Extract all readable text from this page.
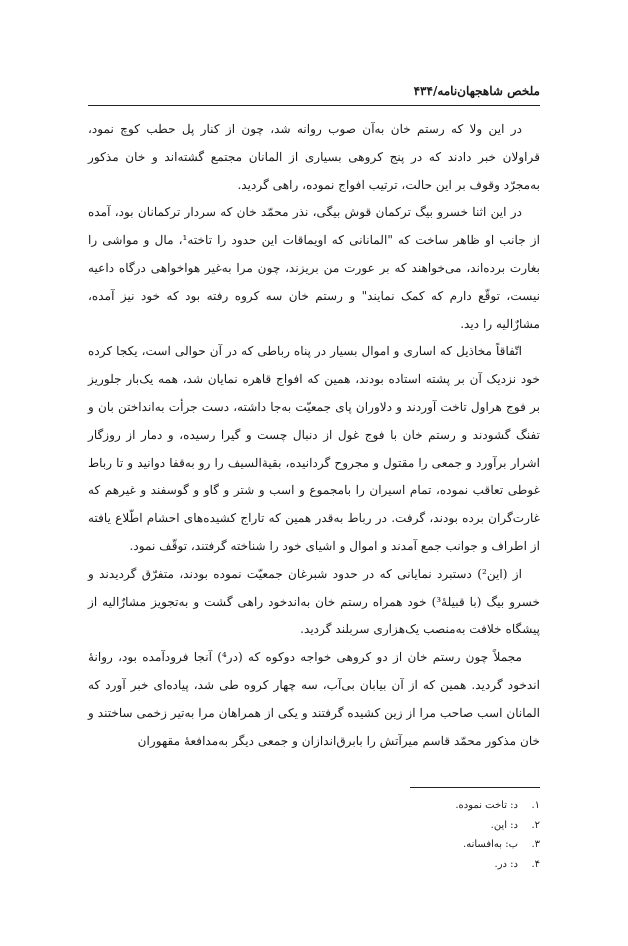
ملخص شاهجهان‌نامه/۴۳۴

در این ولا که رستم خان به‌آن صوب روانه شد، چون از کنار پل حطب کوچ نمود، قراولان خبر دادند که در پنج کروهی بسیاری از المانان مجتمع گشته‌اند و خان مذکور به‌مجرّد وقوف بر این حالت، ترتیب افواج نموده، راهی گردید.

در این اثنا خسرو بیگ ترکمان قوش بیگی، نذر محمّد خان که سردار ترکمانان بود، آمده از جانب او ظاهر ساخت که "المانانی که اویماقات این حدود را تاخته¹، مال و مواشی را بغارت برده‌اند، می‌خواهند که بر عورت من بریزند، چون مرا به‌غیر هواخواهی درگاه داعیه نیست، توقّع دارم که کمک نمایند" و رستم خان سه کروه رفته بود که خود نیز آمده، مشارٌالیه را دید.

اتّفاقاً مخاذیل که اساری و اموال بسیار در پناه رباطی که در آن حوالی است، یکجا کرده خود نزدیک آن بر پشته استاده بودند، همین که افواج قاهره نمایان شد، همه یک‌بار جلوریز بر فوج هراول تاخت آوردند و دلاوران پای جمعیّت به‌جا داشته، دست جرأت به‌انداختن بان و تفنگ گشودند و رستم خان با فوج غول از دنبال چست و گیرا رسیده، و دمار از روزگار اشرار برآورد و جمعی را مقتول و مجروح گردانیده، بقیةالسیف را رو به‌قفا دوانید و تا رباط غوطی تعاقب نموده، تمام اسیران را با‌مجموع و اسب و شتر و گاو و گوسفند و غیرهم که غارت‌گران برده بودند، گرفت. در رباط به‌قدر همین که تاراج کشیده‌های احشام اطّلاع یافته از اطراف و جوانب جمع آمدند و اموال و اشیای خود را شناخته گرفتند، توقّف نمود.

از (این²) دستبرد نمایانی که در حدود شبرغان جمعیّت نموده بودند، متفرّق گردیدند و خسرو بیگ (با قبیلهٔ³) خود همراه رستم خان به‌اندخود راهی گشت و به‌تجویز مشارٌالیه از پیشگاه خلافت به‌منصب یک‌هزاری سربلند گردید.

مجملاً چون رستم خان از دو کروهی خواجه دوکوه که (در⁴) آنجا فرودآمده بود، روانهٔ اندخود گردید. همین که از آن بیابان بی‌آب، سه چهار کروه طی شد، پیاده‌ای خبر آورد که المانان اسب صاحب مرا از زین کشیده گرفتند و یکی از همراهان مرا به‌تیر زخمی ساختند و خان مذکور محمّد قاسم میرآتش را با‌برق‌اندازان و جمعی دیگر به‌مدافعهٔ مقهوران

۱.د: تاخت نموده.
۲.د: این.
۳.ب: به‌افسانه.
۴.د: در.
